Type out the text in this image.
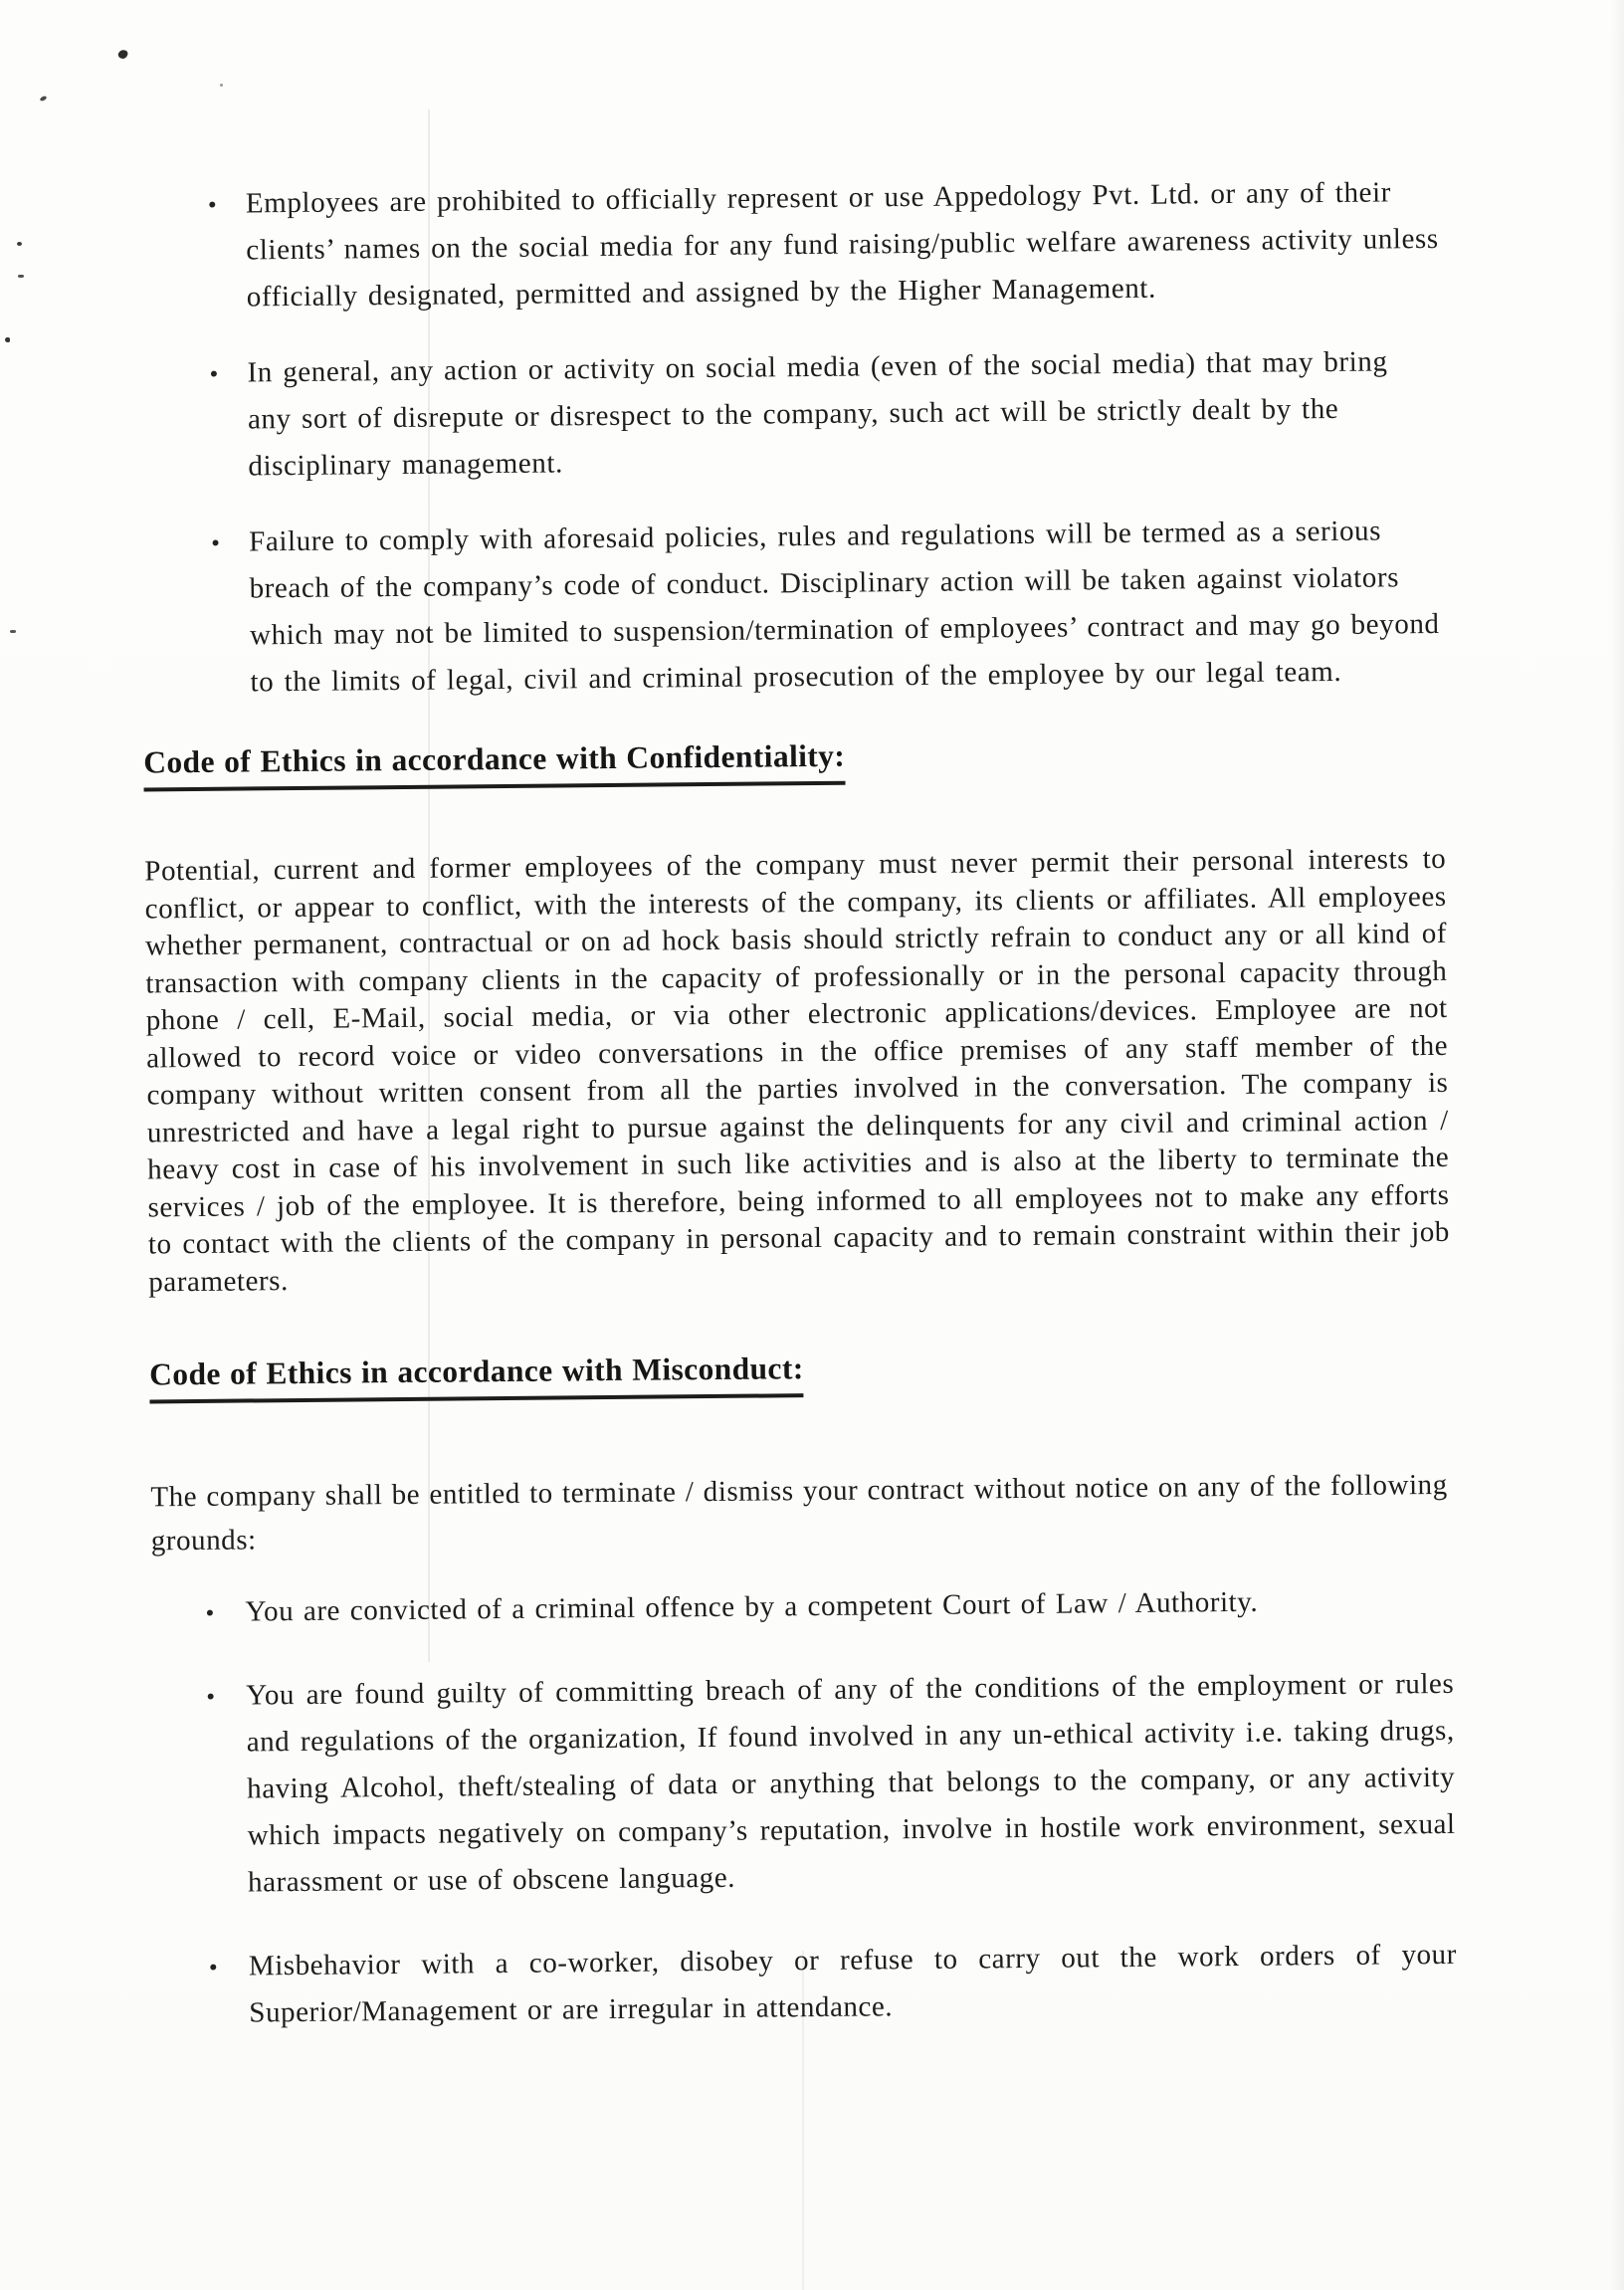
• Employees are prohibited to officially represent or use Appedology Pvt. Ltd. or any of their clients’ names on the social media for any fund raising/public welfare awareness activity unless officially designated, permitted and assigned by the Higher Management.
• In general, any action or activity on social media (even of the social media) that may bring any sort of disrepute or disrespect to the company, such act will be strictly dealt by the disciplinary management.
• Failure to comply with aforesaid policies, rules and regulations will be termed as a serious breach of the company’s code of conduct. Disciplinary action will be taken against violators which may not be limited to suspension/termination of employees’ contract and may go beyond to the limits of legal, civil and criminal prosecution of the employee by our legal team.
Code of Ethics in accordance with Confidentiality:

Potential, current and former employees of the company must never permit their personal interests to conflict, or appear to conflict, with the interests of the company, its clients or affiliates. All employees whether permanent, contractual or on ad hock basis should strictly refrain to conduct any or all kind of transaction with company clients in the capacity of professionally or in the personal capacity through phone / cell, E-Mail, social media, or via other electronic applications/devices. Employee are not allowed to record voice or video conversations in the office premises of any staff member of the company without written consent from all the parties involved in the conversation. The company is unrestricted and have a legal right to pursue against the delinquents for any civil and criminal action / heavy cost in case of his involvement in such like activities and is also at the liberty to terminate the services / job of the employee. It is therefore, being informed to all employees not to make any efforts to contact with the clients of the company in personal capacity and to remain constraint within their job parameters.

Code of Ethics in accordance with Misconduct:

The company shall be entitled to terminate / dismiss your contract without notice on any of the following grounds:

• You are convicted of a criminal offence by a competent Court of Law / Authority.
• You are found guilty of committing breach of any of the conditions of the employment or rules and regulations of the organization, If found involved in any un-ethical activity i.e. taking drugs, having Alcohol, theft/stealing of data or anything that belongs to the company, or any activity which impacts negatively on company’s reputation, involve in hostile work environment, sexual harassment or use of obscene language.
• Misbehavior with a co-worker, disobey or refuse to carry out the work orders of your Superior/Management or are irregular in attendance.
